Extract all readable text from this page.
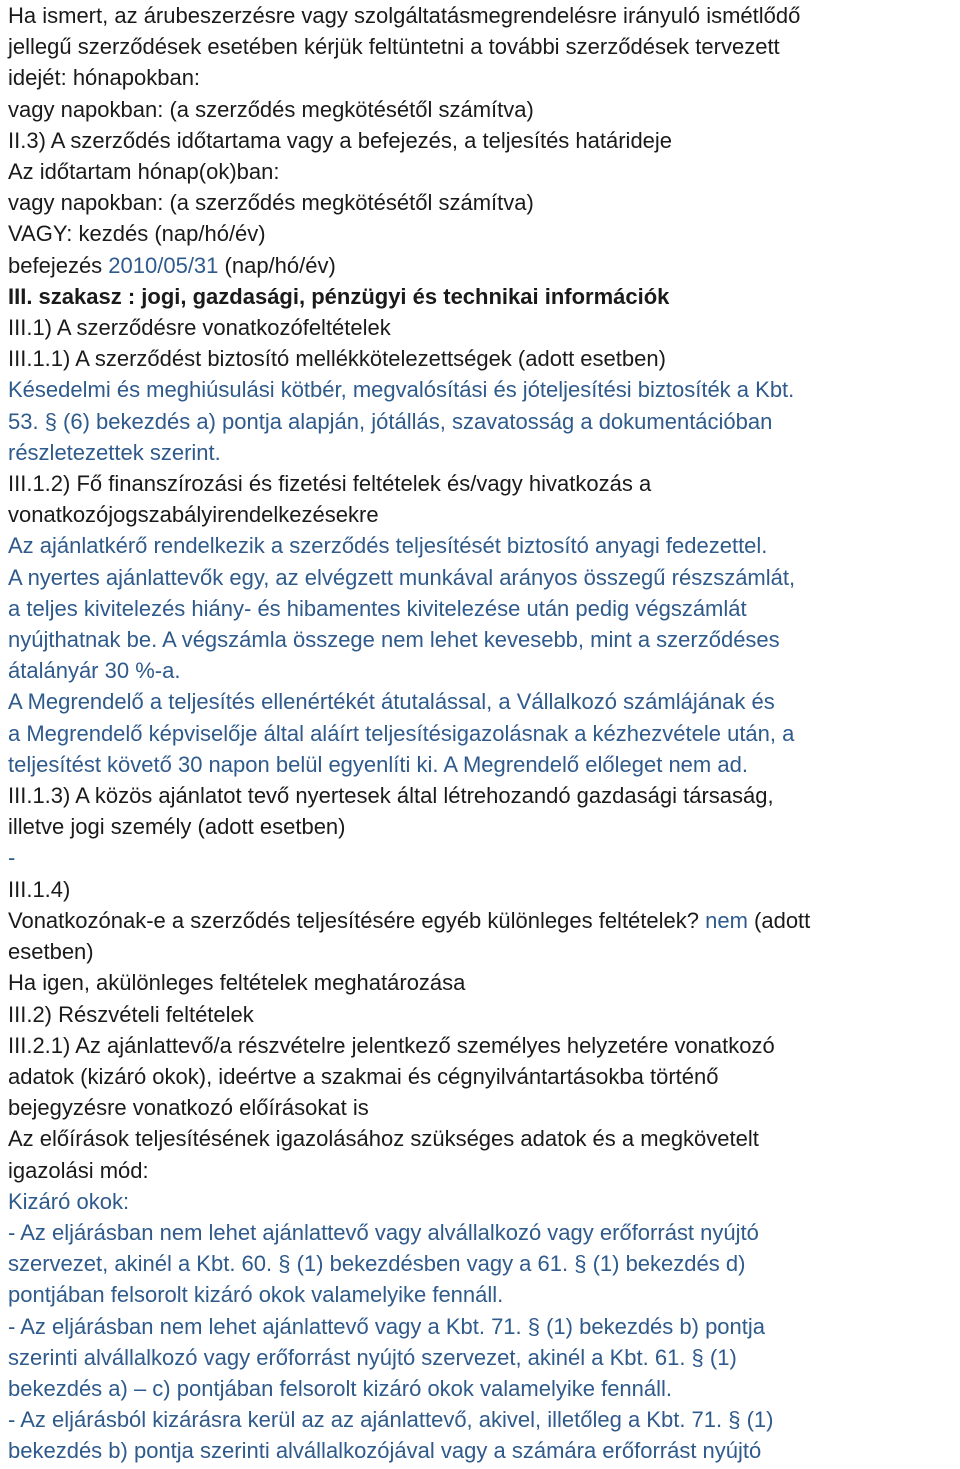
Ha ismert, az árubeszerzésre vagy szolgáltatásmegrendelésre irányuló ismétlődő
jellegű szerződések esetében kérjük feltüntetni a további szerződések tervezett
idejét: hónapokban:
vagy napokban: (a szerződés megkötésétől számítva)
II.3) A szerződés időtartama vagy a befejezés, a teljesítés határideje
Az időtartam hónap(ok)ban:
vagy napokban: (a szerződés megkötésétől számítva)
VAGY: kezdés (nap/hó/év)
befejezés 2010/05/31 (nap/hó/év)
III. szakasz : jogi, gazdasági, pénzügyi és technikai információk
III.1) A szerződésre vonatkozófeltételek
III.1.1) A szerződést biztosító mellékkötelezettségek (adott esetben)
Késedelmi és meghiúsulási kötbér, megvalósítási és jóteljesítési biztosíték a Kbt.
53. § (6) bekezdés a) pontja alapján, jótállás, szavatosság a dokumentációban
részletezettek szerint.
III.1.2) Fő finanszírozási és fizetési feltételek és/vagy hivatkozás a
vonatkozójogszabályirendelkezésekre
Az ajánlatkérő rendelkezik a szerződés teljesítését biztosító anyagi fedezettel.
A nyertes ajánlattevők egy, az elvégzett munkával arányos összegű részszámlát,
a teljes kivitelezés hiány- és hibamentes kivitelezése után pedig végszámlát
nyújthatnak be. A végszámla összege nem lehet kevesebb, mint a szerződéses
átalányár 30 %-a.
A Megrendelő a teljesítés ellenértékét átutalással, a Vállalkozó számlájának és
a Megrendelő képviselője által aláírt teljesítésigazolásnak a kézhezvétele után, a
teljesítést követő 30 napon belül egyenlíti ki. A Megrendelő előleget nem ad.
III.1.3) A közös ajánlatot tevő nyertesek által létrehozandó gazdasági társaság,
illetve jogi személy (adott esetben)
-
III.1.4)
Vonatkozónak-e a szerződés teljesítésére egyéb különleges feltételek? nem (adott
esetben)
Ha igen, akülönleges feltételek meghatározása
III.2) Részvételi feltételek
III.2.1) Az ajánlattevő/a részvételre jelentkező személyes helyzetére vonatkozó
adatok (kizáró okok), ideértve a szakmai és cégnyilvántartásokba történő
bejegyzésre vonatkozó előírásokat is
Az előírások teljesítésének igazolásához szükséges adatok és a megkövetelt
igazolási mód:
Kizáró okok:
- Az eljárásban nem lehet ajánlattevő vagy alvállalkozó vagy erőforrást nyújtó
szervezet, akinél a Kbt. 60. § (1) bekezdésben vagy a 61. § (1) bekezdés d)
pontjában felsorolt kizáró okok valamelyike fennáll.
- Az eljárásban nem lehet ajánlattevő vagy a Kbt. 71. § (1) bekezdés b) pontja
szerinti alvállalkozó vagy erőforrást nyújtó szervezet, akinél a Kbt. 61. § (1)
bekezdés a) – c) pontjában felsorolt kizáró okok valamelyike fennáll.
- Az eljárásból kizárásra kerül az az ajánlattevő, akivel, illetőleg a Kbt. 71. § (1)
bekezdés b) pontja szerinti alvállalkozójával vagy a számára erőforrást nyújtó
